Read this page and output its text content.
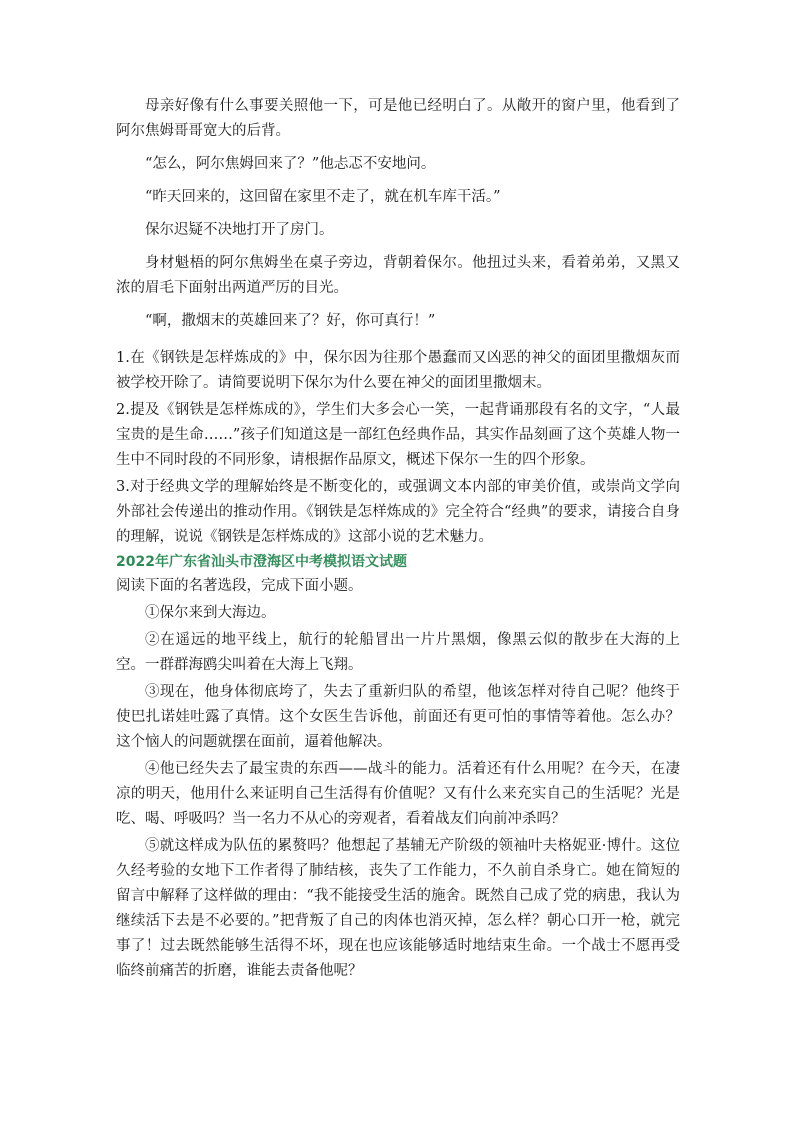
母亲好像有什么事要关照他一下，可是他已经明白了。从敞开的窗户里，他看到了阿尔焦姆哥哥宽大的后背。

“怎么，阿尔焦姆回来了？”他忐忑不安地问。

“昨天回来的，这回留在家里不走了，就在机车库干活。”

保尔迟疑不决地打开了房门。

身材魁梧的阿尔焦姆坐在桌子旁边，背朝着保尔。他扭过头来，看着弟弟，又黑又浓的眉毛下面射出两道严厉的目光。

“啊，撒烟末的英雄回来了？好，你可真行！”

1.在《钢铁是怎样炼成的》中，保尔因为往那个愚蠢而又凶恶的神父的面团里撒烟灰而被学校开除了。请简要说明下保尔为什么要在神父的面团里撒烟末。

2.提及《钢铁是怎样炼成的》，学生们大多会心一笑，一起背诵那段有名的文字，“人最宝贵的是生命……”孩子们知道这是一部红色经典作品，其实作品刻画了这个英雄人物一生中不同时段的不同形象，请根据作品原文，概述下保尔一生的四个形象。

3.对于经典文学的理解始终是不断变化的，或强调文本内部的审美价值，或崇尚文学向外部社会传递出的推动作用。《钢铁是怎样炼成的》完全符合“经典”的要求，请接合自身的理解，说说《钢铁是怎样炼成的》这部小说的艺术魅力。

2022年广东省汕头市澄海区中考模拟语文试题

阅读下面的名著选段，完成下面小题。

①保尔来到大海边。

②在遥远的地平线上，航行的轮船冒出一片片黑烟，像黑云似的散步在大海的上空。一群群海鸥尖叫着在大海上飞翔。

③现在，他身体彻底垮了，失去了重新归队的希望，他该怎样对待自己呢？他终于使巴扎诺娃吐露了真情。这个女医生告诉他，前面还有更可怕的事情等着他。怎么办？这个恼人的问题就摆在面前，逼着他解决。

④他已经失去了最宝贵的东西——战斗的能力。活着还有什么用呢？在今天，在凄凉的明天，他用什么来证明自己生活得有价值呢？又有什么来充实自己的生活呢？光是吃、喝、呼吸吗？当一名力不从心的旁观者，看着战友们向前冲杀吗？

⑤就这样成为队伍的累赘吗？他想起了基辅无产阶级的领袖叶夫格妮亚·博什。这位久经考验的女地下工作者得了肺结核，丧失了工作能力，不久前自杀身亡。她在简短的留言中解释了这样做的理由：“我不能接受生活的施舍。既然自己成了党的病患，我认为继续活下去是不必要的。”把背叛了自己的肉体也消灭掉，怎么样？朝心口开一枪，就完事了！过去既然能够生活得不坏，现在也应该能够适时地结束生命。一个战士不愿再受临终前痛苦的折磨，谁能去责备他呢？
